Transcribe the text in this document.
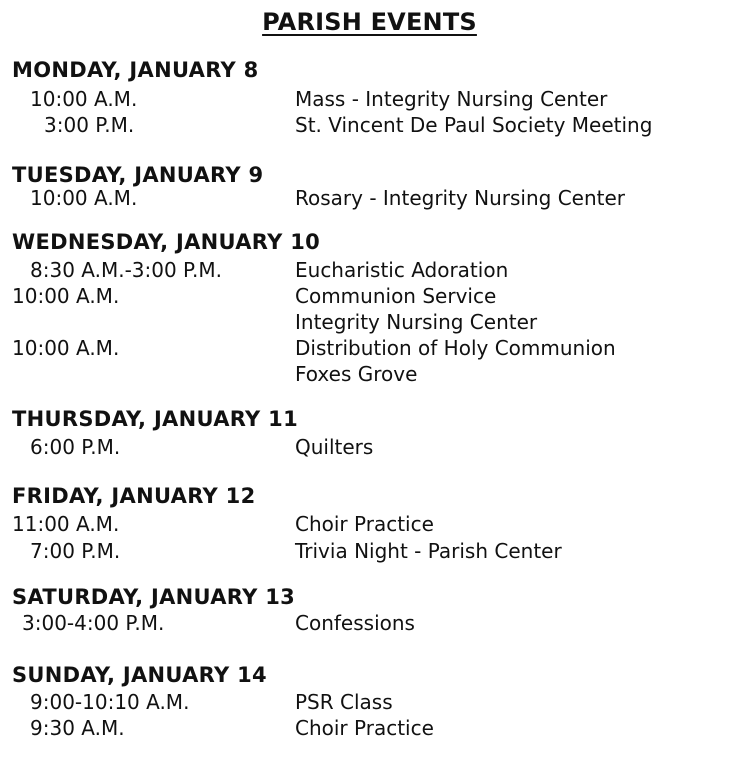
PARISH EVENTS
MONDAY, JANUARY 8
10:00 A.M.	Mass - Integrity Nursing Center
3:00 P.M.	St. Vincent De Paul Society Meeting
TUESDAY, JANUARY 9
10:00 A.M.	Rosary - Integrity Nursing Center
WEDNESDAY, JANUARY 10
8:30 A.M.-3:00 P.M.	Eucharistic Adoration
10:00 A.M.	Communion Service
Integrity Nursing Center
10:00 A.M.	Distribution of Holy Communion
Foxes Grove
THURSDAY, JANUARY 11
6:00 P.M.	Quilters
FRIDAY, JANUARY 12
11:00 A.M.	Choir Practice
7:00 P.M.	Trivia Night - Parish Center
SATURDAY, JANUARY 13
3:00-4:00 P.M.	Confessions
SUNDAY, JANUARY 14
9:00-10:10 A.M.	PSR Class
9:30 A.M.	Choir Practice
